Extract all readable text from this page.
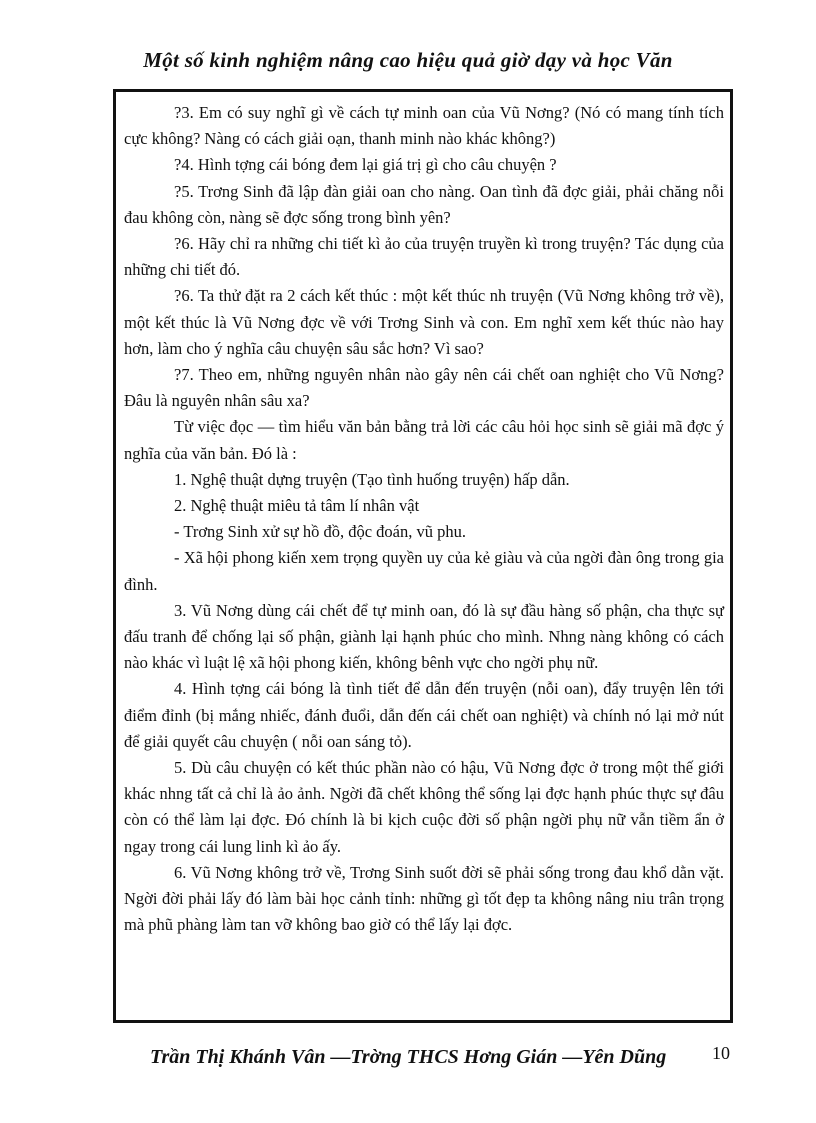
Một số kinh nghiệm nâng cao hiệu quả giờ dạy và học Văn

?3. Em có suy nghĩ gì về cách tự minh oan của Vũ Nơng? (Nó có mang tính tích cực không? Nàng có cách giải oạn, thanh minh nào khác không?)

?4. Hình tợng cái bóng đem lại giá trị gì cho câu chuyện ?

?5. Trơng Sinh đã lập đàn giải oan cho nàng. Oan tình đã đợc giải, phải chăng nỗi đau không còn, nàng sẽ đợc sống trong bình yên?

?6. Hãy chỉ ra những chi tiết kì ảo của truyện truyền kì trong truyện? Tác dụng của những chi tiết đó.

?6. Ta thử đặt ra 2 cách kết thúc : một kết thúc nh truyện (Vũ Nơng không trở về), một kết thúc là Vũ Nơng đợc về với Trơng Sinh và con. Em nghĩ xem kết thúc nào hay hơn, làm cho ý nghĩa câu chuyện sâu sắc hơn? Vì sao?

?7. Theo em, những nguyên nhân nào gây nên cái chết oan nghiệt cho Vũ Nơng? Đâu là nguyên nhân sâu xa?

Từ việc đọc — tìm hiểu văn bản bằng trả lời các câu hỏi học sinh sẽ giải mã đợc ý nghĩa của văn bản. Đó là :

1. Nghệ thuật dựng truyện (Tạo tình huống truyện) hấp dẫn.

2. Nghệ thuật miêu tả tâm lí nhân vật

- Trơng Sinh xử sự hồ đồ, độc đoán, vũ phu.

- Xã hội phong kiến xem trọng quyền uy của kẻ giàu và của ngời đàn ông trong gia đình.

3. Vũ Nơng dùng cái chết để tự minh oan, đó là sự đầu hàng số phận, cha thực sự đấu tranh để chống lại số phận, giành lại hạnh phúc cho mình. Nhng nàng không có cách nào khác vì luật lệ xã hội phong kiến, không bênh vực cho ngời phụ nữ.

4. Hình tợng cái bóng là tình tiết để dẫn đến truyện (nỗi oan), đẩy truyện lên tới điểm đỉnh (bị mắng nhiếc, đánh đuổi, dẫn đến cái chết oan nghiệt) và chính nó lại mở nút để giải quyết câu chuyện ( nỗi oan sáng tỏ).

5. Dù câu chuyện có kết thúc phần nào có hậu, Vũ Nơng đợc ở trong một thế giới khác nhng tất cả chỉ là ảo ảnh. Ngời đã chết không thể sống lại đợc hạnh phúc thực sự đâu còn có thể làm lại đợc. Đó chính là bi kịch cuộc đời số phận ngời phụ nữ vẫn tiềm ẩn ở ngay trong cái lung linh kì ảo ấy.

6. Vũ Nơng không trở về, Trơng Sinh suốt đời sẽ phải sống trong đau khổ dằn vặt. Ngời đời phải lấy đó làm bài học cảnh tỉnh: những gì tốt đẹp ta không nâng niu trân trọng mà phũ phàng làm tan vỡ không bao giờ có thể lấy lại đợc.

Trần Thị Khánh Vân —Trờng THCS Hơng Gián —Yên Dũng	10
